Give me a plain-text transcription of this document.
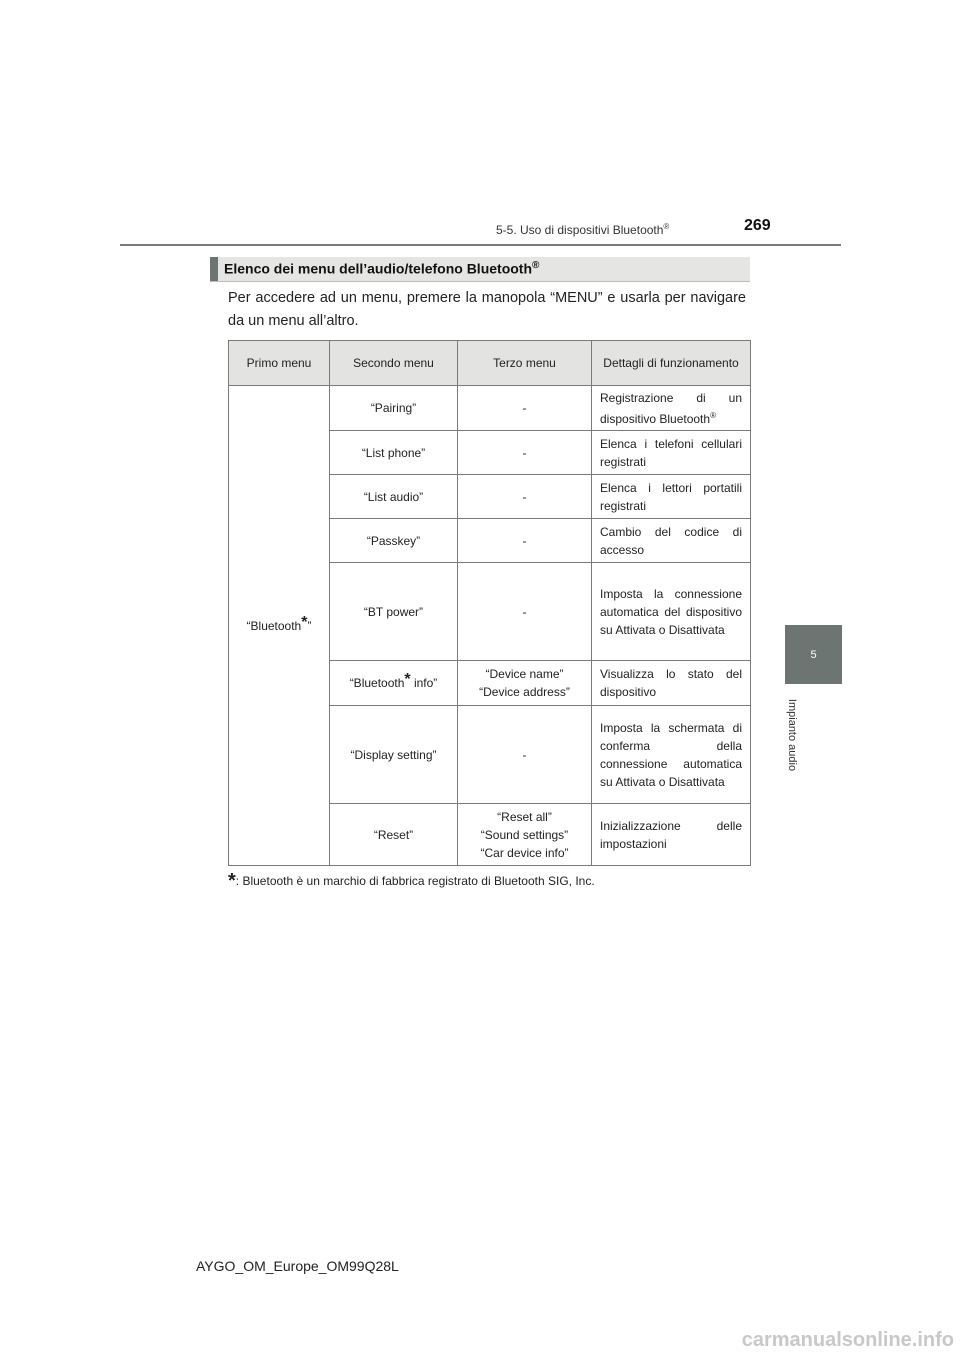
5-5. Uso di dispositivi Bluetooth®	269
5
Impianto audio
Elenco dei menu dell’audio/telefono Bluetooth®
Per accedere ad un menu, premere la manopola “MENU” e usarla per navigare da un menu all’altro.
Primo menu	Secondo menu	Terzo menu	Dettagli di funzionamento
“Bluetooth*”	“Pairing”	-	Registrazione di un dispositivo Bluetooth®
	“List phone”	-	Elenca i telefoni cellulari registrati
	“List audio”	-	Elenca i lettori portatili registrati
	“Passkey”	-	Cambio del codice di accesso
	“BT power”	-	Imposta la connessione automatica del dispositivo su Attivata o Disattivata
	“Bluetooth* info”	“Device name”
“Device address”	Visualizza lo stato del dispositivo
	“Display setting”	-	Imposta la schermata di conferma della connessione automatica su Attivata o Disattivata
	“Reset”	“Reset all”
“Sound settings”
“Car device info”	Inizializzazione delle impostazioni
*: Bluetooth è un marchio di fabbrica registrato di Bluetooth SIG, Inc.
AYGO_OM_Europe_OM99Q28L
carmanualsonline.info
